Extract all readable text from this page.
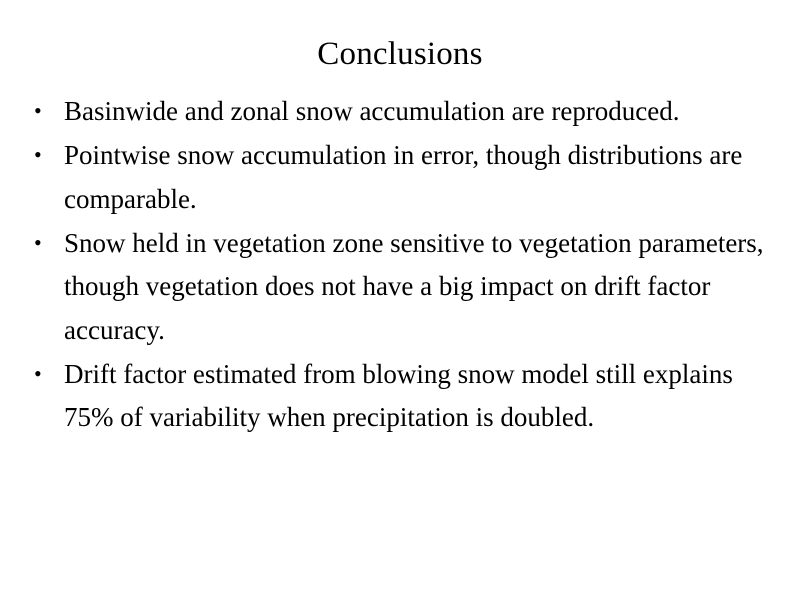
Conclusions
• Basinwide and zonal snow accumulation are reproduced.
• Pointwise snow accumulation in error, though distributions are comparable.
• Snow held in vegetation zone sensitive to vegetation parameters, though vegetation does not have a big impact on drift factor accuracy.
• Drift factor estimated from blowing snow model still explains 75% of variability when precipitation is doubled.
